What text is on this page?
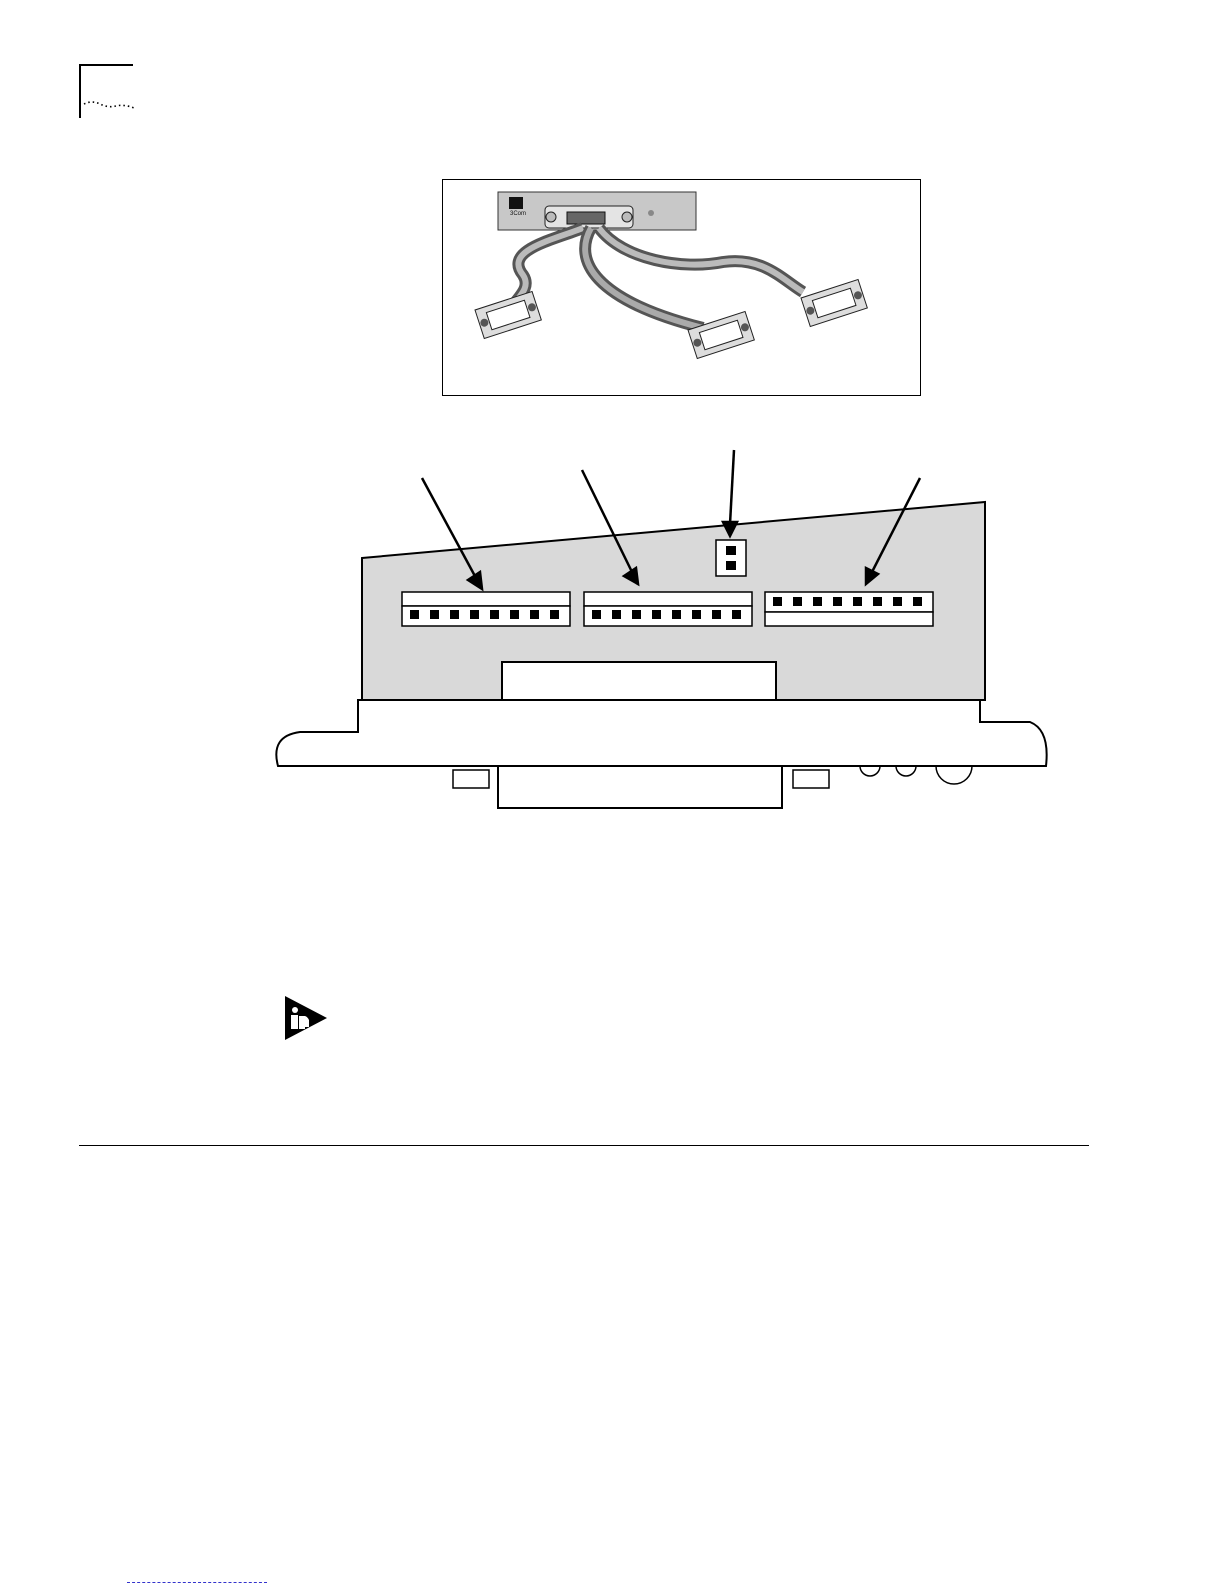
3Com
